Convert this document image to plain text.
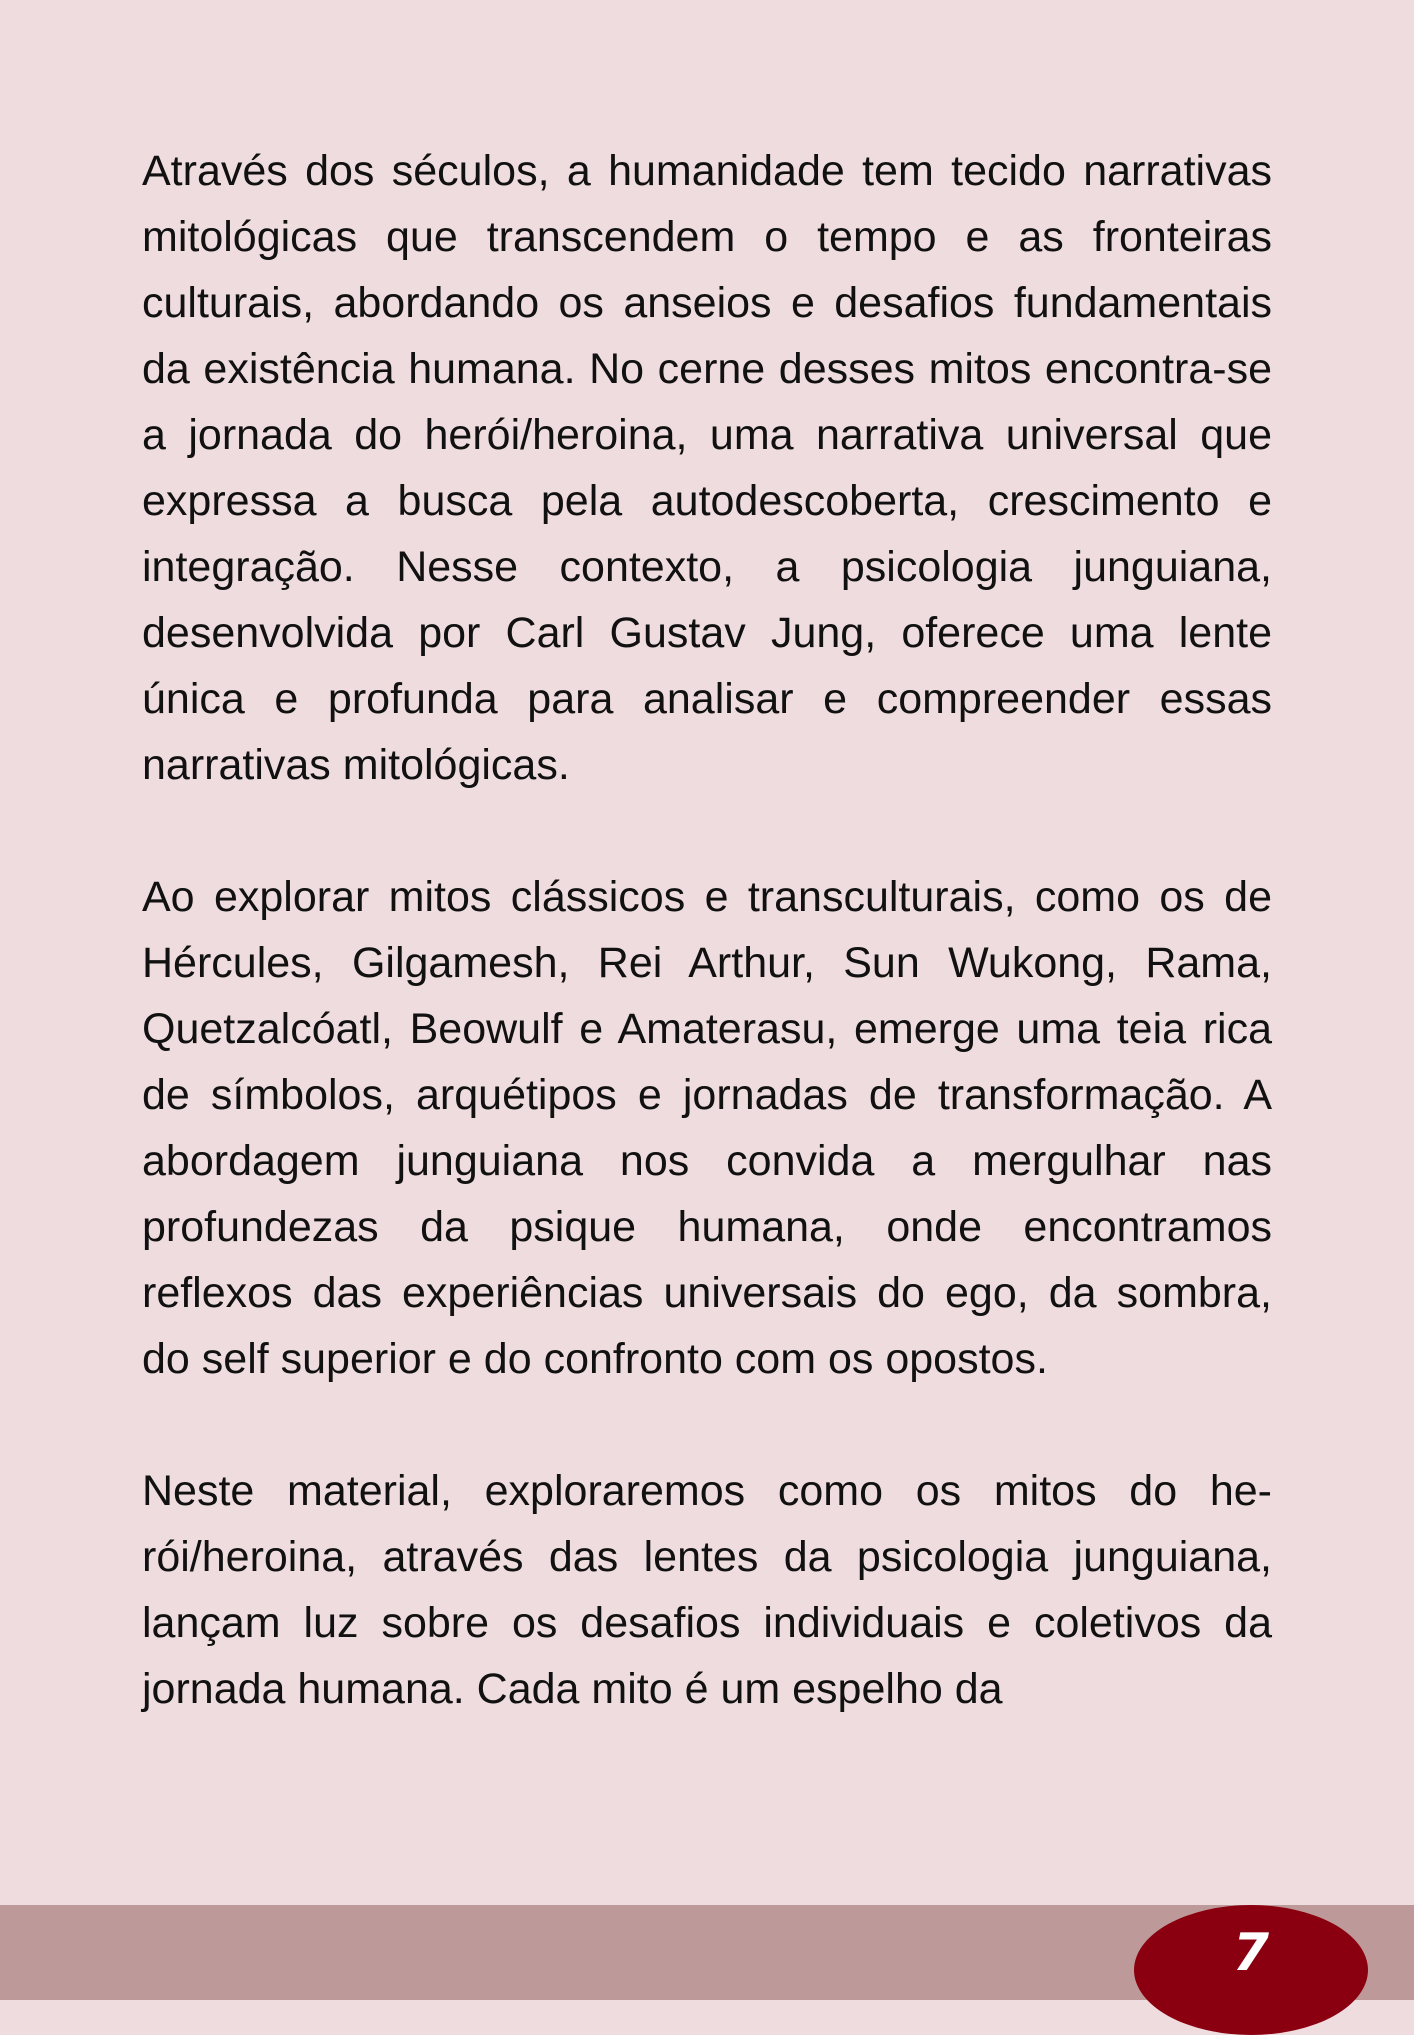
Através dos séculos, a humanidade tem tecido narrativas mitológicas que transcendem o tempo e as fronteiras culturais, abordando os anseios e desafios fundamentais da existência humana. No cerne desses mitos encontra-se a jornada do herói/heroina, uma narrativa universal que expressa a busca pela autodescoberta, crescimento e integração. Nesse contexto, a psicologia junguiana, desenvolvida por Carl Gustav Jung, oferece uma lente única e profunda para analisar e compreender essas narrativas mitológicas.

Ao explorar mitos clássicos e transculturais, como os de Hércules, Gilgamesh, Rei Arthur, Sun Wukong, Rama, Quetzalcóatl, Beowulf e Amaterasu, emerge uma teia rica de símbolos, arquétipos e jornadas de transformação. A abordagem junguiana nos convida a mergulhar nas profundezas da psique humana, onde encontramos reflexos das experiências universais do ego, da sombra, do self superior e do confronto com os opostos.

Neste material, exploraremos como os mitos do herói/heroina, através das lentes da psicologia junguiana, lançam luz sobre os desafios individuais e coletivos da jornada humana. Cada mito é um espelho da

7
